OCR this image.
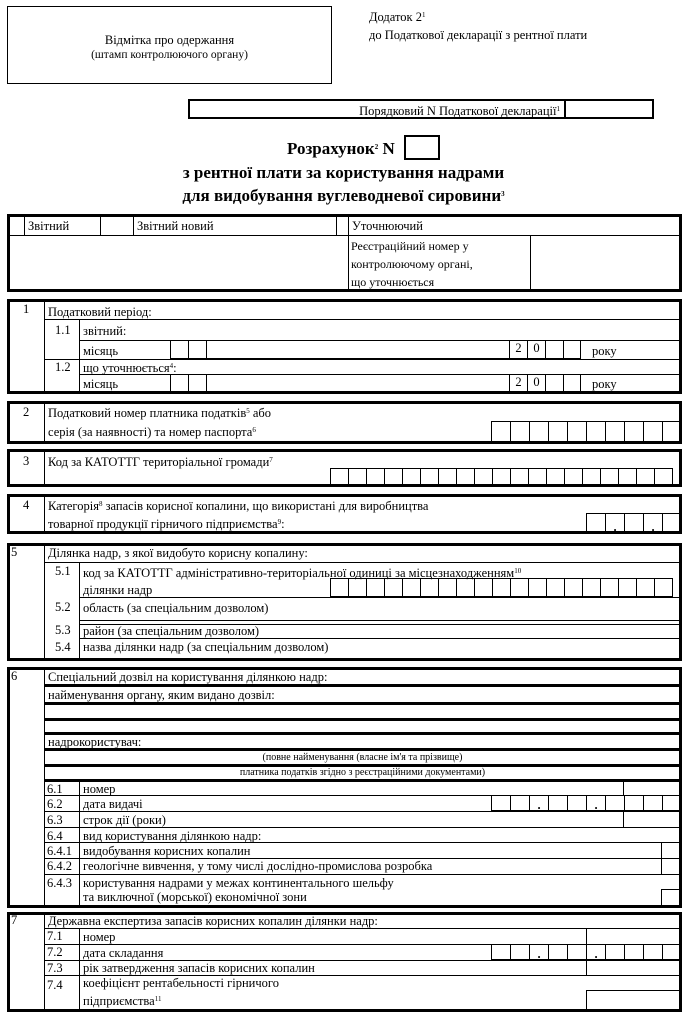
Відмітка про одержання
(штамп контролюючого органу)
Додаток $2^1$
до Податкової декларації з рентної плати
Порядковий N Податкової декларації$^1$
Розрахунок$^2$ N
з рентної плати за користування надрами
для видобування вуглеводневої сировини$^3$
Звітний	Звітний новий	Уточнюючий
Реєстраційний номер у
контролюючому органі,
що уточнюється
1 Податковий період:
1.1 звітний:
місяць	2 0	року
1.2 що уточнюється$^4$:
місяць	2 0	року
2 Податковий номер платника податків$^5$ або
серія (за наявності) та номер паспорта$^6$
3 Код за КАТОТТГ територіальної громади$^7$
4 Категорія$^8$ запасів корисної копалини, що використані для виробництва
товарної продукції гірничого підприємства$^9$:
.
.
5 Ділянка надр, з якої видобуто корисну копалину:
5.1 код за КАТОТТГ адміністративно-територіальної одиниці за місцезнаходженням$^{10}$
ділянки надр
5.2 область (за спеціальним дозволом)
5.3 район (за спеціальним дозволом)
5.4 назва ділянки надр (за спеціальним дозволом)
6 Спеціальний дозвіл на користування ділянкою надр:
найменування органу, яким видано дозвіл:
надрокористувач:
(повне найменування (власне ім'я та прізвище)
платника податків згідно з реєстраційними документами)
6.1 номер
6.2 дата видачі
.
.
6.3 строк дії (роки)
6.4 вид користування ділянкою надр:
6.4.1 видобування корисних копалин
6.4.2 геологічне вивчення, у тому числі дослідно-промислова розробка
6.4.3 користування надрами у межах континентального шельфу
та виключної (морської) економічної зони
7 Державна експертиза запасів корисних копалин ділянки надр:
7.1 номер
7.2 дата складання
.
.
7.3 рік затвердження запасів корисних копалин
7.4 коефіцієнт рентабельності гірничого
підприємства$^{11}$
